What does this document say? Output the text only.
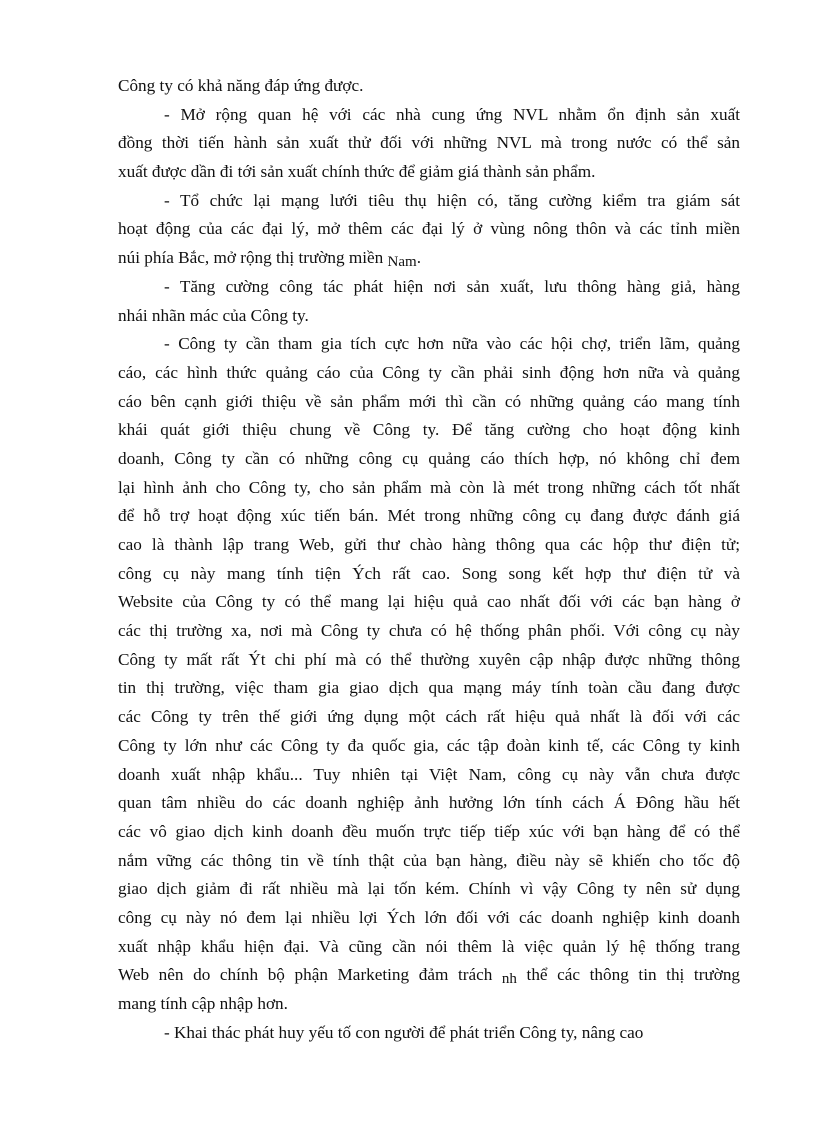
Công ty có khả năng đáp ứng được.
- Mở rộng quan hệ với các nhà cung ứng NVL nhằm ổn định sản xuất
đồng thời tiến hành sản xuất thử đối với những NVL mà trong nước có thể sản
xuất được dần đi tới sản xuất chính thức để giảm giá thành sản phẩm.
- Tổ chức lại mạng lưới tiêu thụ hiện có, tăng cường kiểm tra giám sát
hoạt động của các đại lý, mở thêm các đại lý ở vùng nông thôn và các tỉnh miền
núi phía Bắc, mở rộng thị trường miền Nam.
- Tăng cường công tác phát hiện nơi sản xuất, lưu thông hàng giả, hàng
nhái nhãn mác của Công ty.
- Công ty cần tham gia tích cực hơn nữa vào các hội chợ, triển lãm, quảng
cáo, các hình thức quảng cáo của Công ty cần phải sinh động hơn nữa và quảng
cáo bên cạnh giới thiệu về sản phẩm mới thì cần có những quảng cáo mang tính
khái quát giới thiệu chung về Công ty. Để tăng cường cho hoạt động kinh
doanh, Công ty cần có những công cụ quảng cáo thích hợp, nó không chỉ đem
lại hình ảnh cho Công ty, cho sản phẩm mà còn là mét trong những cách tốt nhất
để hỗ trợ hoạt động xúc tiến bán. Mét trong những công cụ đang được đánh giá
cao là thành lập trang Web, gửi thư chào hàng thông qua các hộp thư điện tử;
công cụ này mang tính tiện Ých rất cao. Song song kết hợp thư điện tử và
Website của Công ty có thể mang lại hiệu quả cao nhất đối với các bạn hàng ở
các thị trường xa, nơi mà Công ty chưa có hệ thống phân phối. Với công cụ này
Công ty mất rất Ýt chi phí mà có thể thường xuyên cập nhập được những thông
tin thị trường, việc tham gia giao dịch qua mạng máy tính toàn cầu đang được
các Công ty trên thế giới ứng dụng một cách rất hiệu quả nhất là đối với các
Công ty lớn như các Công ty đa quốc gia, các tập đoàn kinh tế, các Công ty kinh
doanh xuất nhập khẩu... Tuy nhiên tại Việt Nam, công cụ này vẫn chưa được
quan tâm nhiều do các doanh nghiệp ảnh hưởng lớn tính cách Á Đông hầu hết
các vô giao dịch kinh doanh đều muốn trực tiếp tiếp xúc với bạn hàng để có thể
nắm vững các thông tin về tính thật của bạn hàng, điều này sẽ khiến cho tốc độ
giao dịch giảm đi rất nhiều mà lại tốn kém. Chính vì vậy Công ty nên sử dụng
công cụ này nó đem lại nhiều lợi Ých lớn đối với các doanh nghiệp kinh doanh
xuất nhập khẩu hiện đại. Và cũng cần nói thêm là việc quản lý hệ thống trang
Web nên do chính bộ phận Marketing đảm trách nh thể các thông tin thị trường
mang tính cập nhập hơn.
- Khai thác phát huy yếu tố con người để phát triển Công ty, nâng cao
